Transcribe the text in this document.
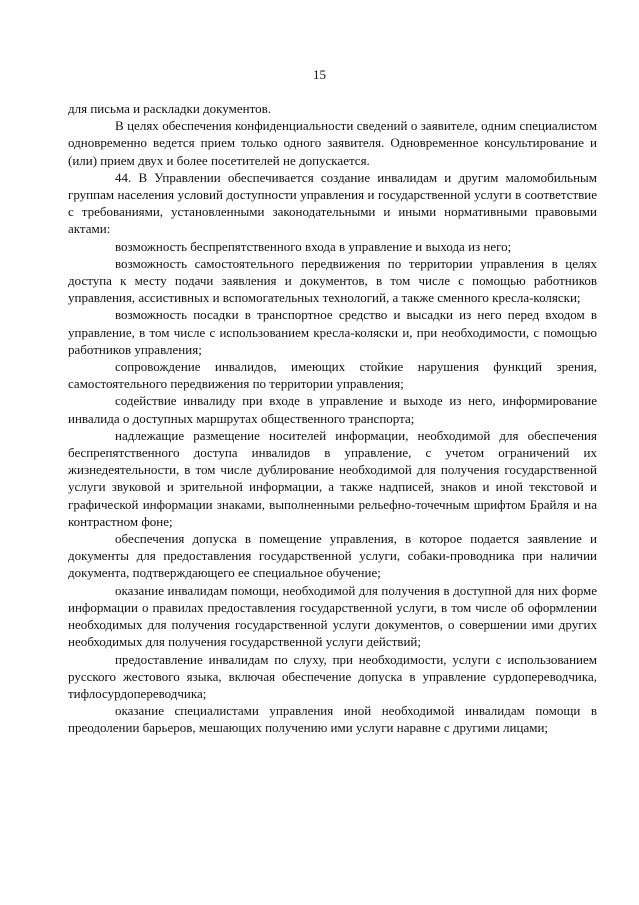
15

для письма и раскладки документов.

В целях обеспечения конфиденциальности сведений о заявителе, одним специалистом одновременно ведется прием только одного заявителя. Одновременное консультирование и (или) прием двух и более посетителей не допускается.

44. В Управлении обеспечивается создание инвалидам и другим маломобильным группам населения условий доступности управления и государственной услуги в соответствие с требованиями, установленными законодательными и иными нормативными правовыми актами:

возможность беспрепятственного входа в управление и выхода из него;

возможность самостоятельного передвижения по территории управления в целях доступа к месту подачи заявления и документов, в том числе с помощью работников управления, ассистивных и вспомогательных технологий, а также сменного кресла-коляски;

возможность посадки в транспортное средство и высадки из него перед входом в управление, в том числе с использованием кресла-коляски и, при необходимости, с помощью работников управления;

сопровождение инвалидов, имеющих стойкие нарушения функций зрения, самостоятельного передвижения по территории управления;

содействие инвалиду при входе в управление и выходе из него, информирование инвалида о доступных маршрутах общественного транспорта;

надлежащие размещение носителей информации, необходимой для обеспечения беспрепятственного доступа инвалидов в управление, с учетом ограничений их жизнедеятельности, в том числе дублирование необходимой для получения государственной услуги звуковой и зрительной информации, а также надписей, знаков и иной текстовой и графической информации знаками, выполненными рельефно-точечным шрифтом Брайля и на контрастном фоне;

обеспечения допуска в помещение управления, в которое подается заявление и документы для предоставления государственной услуги, собаки-проводника при наличии документа, подтверждающего ее специальное обучение;

оказание инвалидам помощи, необходимой для получения в доступной для них форме информации о правилах предоставления государственной услуги, в том числе об оформлении необходимых для получения государственной услуги документов, о совершении ими других необходимых для получения государственной услуги действий;

предоставление инвалидам по слуху, при необходимости, услуги с использованием русского жестового языка, включая обеспечение допуска в управление сурдопереводчика, тифлосурдопереводчика;

оказание специалистами управления иной необходимой инвалидам помощи в преодолении барьеров, мешающих получению ими услуги наравне с другими лицами;
